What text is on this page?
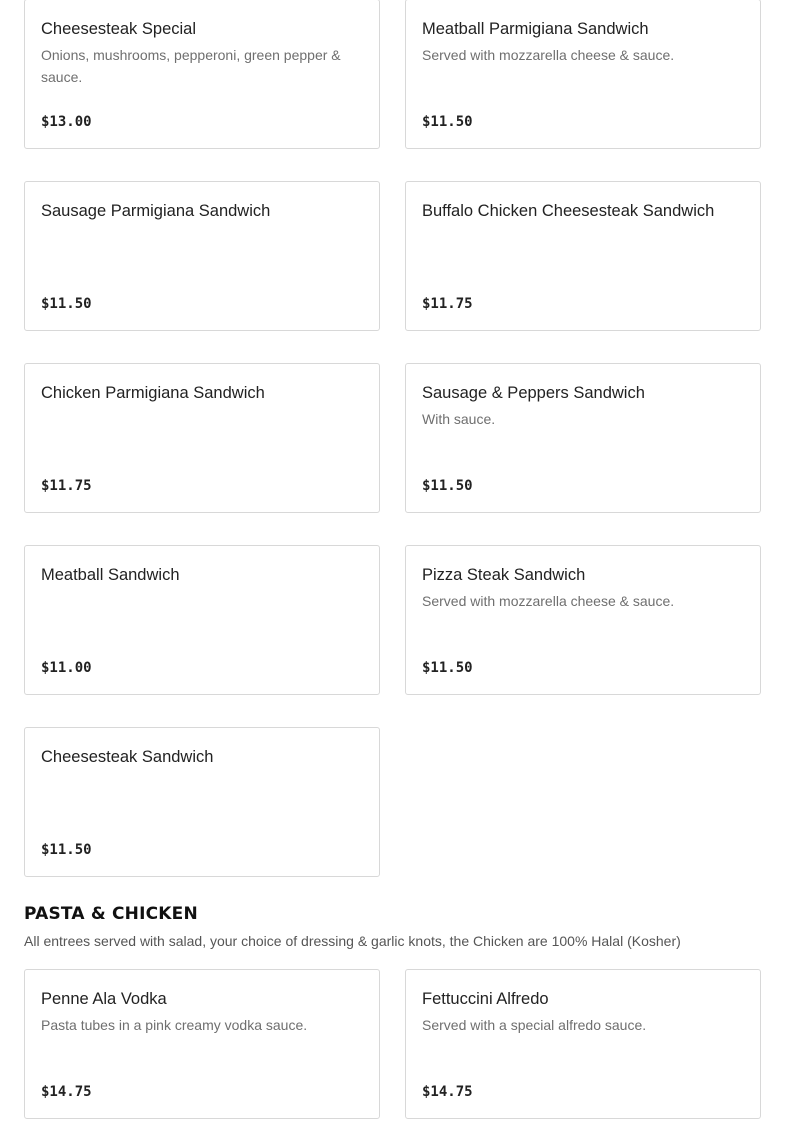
Cheesesteak Special

Onions, mushrooms, pepperoni, green pepper & sauce.
$13.00

Meatball Parmigiana Sandwich

Served with mozzarella cheese & sauce.
$11.50

Sausage Parmigiana Sandwich

$11.50

Buffalo Chicken Cheesesteak Sandwich

$11.75

Chicken Parmigiana Sandwich

$11.75

Sausage & Peppers Sandwich

With sauce.
$11.50

Meatball Sandwich

$11.00

Pizza Steak Sandwich

Served with mozzarella cheese & sauce.
$11.50

Cheesesteak Sandwich

$11.50
PASTA & CHICKEN
All entrees served with salad, your choice of dressing & garlic knots, the Chicken are 100% Halal (Kosher)

Penne Ala Vodka

Pasta tubes in a pink creamy vodka sauce.
$14.75

Fettuccini Alfredo

Served with a special alfredo sauce.
$14.75
